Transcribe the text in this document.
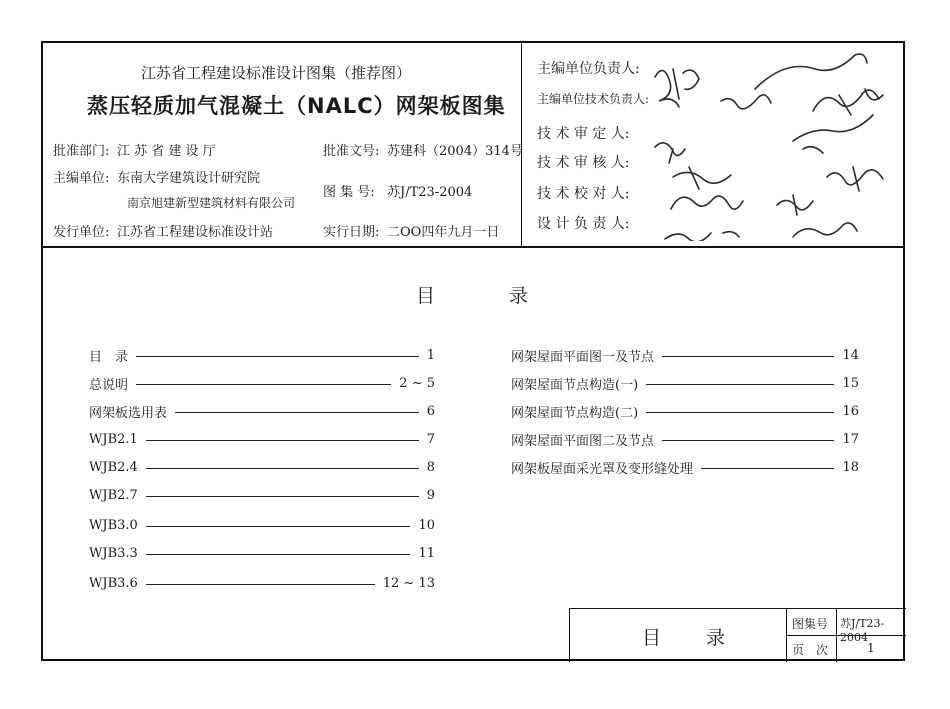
江苏省工程建设标准设计图集（推荐图）
蒸压轻质加气混凝土（NALC）网架板图集
批准部门: 江 苏 省 建 设 厅
主编单位: 东南大学建筑设计研究院
南京旭建新型建筑材料有限公司
发行单位: 江苏省工程建设标准设计站
批准文号: 苏建科（2004）314号
图 集 号: 苏J/T23-2004
实行日期: 二OO四年九月一日
主编单位负责人:
主编单位技术负责人:
技 术 审 定 人:
技 术 审 核 人:
技 术 校 对 人:
设 计 负 责 人:
目	录
目　录	1
总说明	2 ~ 5
网架板选用表	6
WJB2.1	7
WJB2.4	8
WJB2.7	9
WJB3.0	10
WJB3.3	11
WJB3.6	12 ~ 13
网架屋面平面图一及节点	14
网架屋面节点构造(一)	15
网架屋面节点构造(二)	16
网架屋面平面图二及节点	17
网架板屋面采光罩及变形缝处理	18
目 录
图集号 苏J/T23-2004
页　次	1
